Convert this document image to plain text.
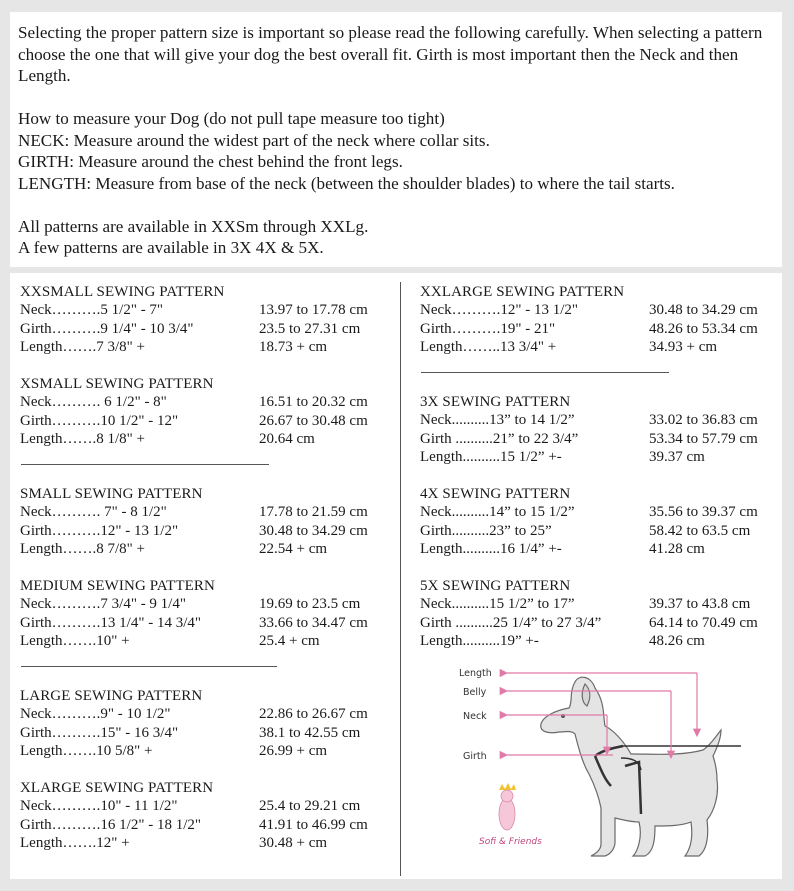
Selecting the proper pattern size is important so please read the following carefully. When selecting a pattern choose the one that will give your dog the best overall fit. Girth is most important then the Neck and then Length.

How to measure your Dog (do not pull tape measure too tight)

NECK: Measure around the widest part of the neck where collar sits.

GIRTH: Measure around the chest behind the front legs.

LENGTH: Measure from base of the neck (between the shoulder blades) to where the tail starts.

All patterns are available in XXSm through XXLg.

A few patterns are available in 3X 4X & 5X.

XXSMALL SEWING PATTERN
Neck……….5 1/2" - 7"	13.97 to 17.78 cm
Girth……….9 1/4" - 10 3/4"	23.5 to 27.31 cm
Length…….7 3/8" +	18.73 + cm
XSMALL SEWING PATTERN
Neck………. 6 1/2" - 8"	16.51 to 20.32 cm
Girth……….10 1/2" - 12"	26.67 to 30.48 cm
Length…….8 1/8" +	20.64 cm
SMALL SEWING PATTERN
Neck………. 7" - 8 1/2"	17.78 to 21.59 cm
Girth……….12" - 13 1/2"	30.48 to 34.29 cm
Length…….8 7/8" +	22.54 + cm
MEDIUM SEWING PATTERN
Neck……….7 3/4" - 9 1/4"	19.69 to 23.5 cm
Girth……….13 1/4" - 14 3/4"	33.66 to 34.47 cm
Length…….10" +	25.4 + cm
LARGE SEWING PATTERN
Neck……….9" - 10 1/2"	22.86 to 26.67 cm
Girth……….15" - 16 3/4"	38.1 to 42.55 cm
Length…….10 5/8" +	26.99 + cm
XLARGE SEWING PATTERN
Neck……….10" - 11 1/2"	25.4 to 29.21 cm
Girth……….16 1/2" - 18 1/2"	41.91 to 46.99 cm
Length…….12" +	30.48 + cm
XXLARGE SEWING PATTERN
Neck……….12" - 13 1/2"	30.48 to 34.29 cm
Girth……….19" - 21"	48.26 to 53.34 cm
Length……..13 3/4" +	34.93 + cm
3X SEWING PATTERN
Neck..........13” to 14 1/2”	33.02 to 36.83 cm
Girth ..........21” to 22 3/4”	53.34 to 57.79 cm
Length..........15 1/2” +-	39.37 cm
4X SEWING PATTERN
Neck..........14” to 15 1/2”	35.56 to 39.37 cm
Girth..........23” to 25”	58.42 to 63.5 cm
Length..........16 1/4” +-	41.28 cm
5X SEWING PATTERN
Neck..........15 1/2” to 17”	39.37 to 43.8 cm
Girth ..........25 1/4” to 27 3/4”	64.14 to 70.49 cm
Length..........19” +-	48.26 cm
Length
Belly
Neck
Girth
Sofi & Friends
